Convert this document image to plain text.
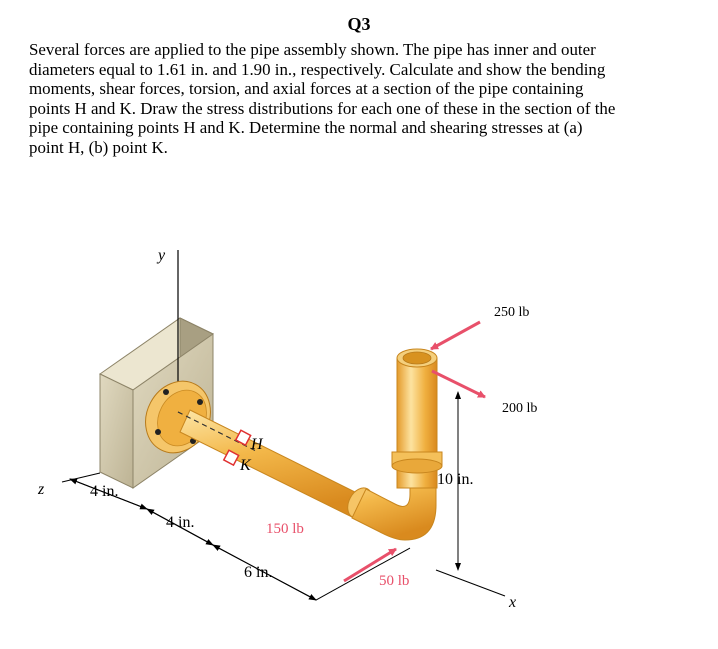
Q3
Several forces are applied to the pipe assembly shown. The pipe has inner and outer
diameters equal to 1.61 in. and 1.90 in., respectively. Calculate and show the bending
moments, shear forces, torsion, and axial forces at a section of the pipe containing
points H and K. Draw the stress distributions for each one of these in the section of the
pipe containing points H and K. Determine the normal and shearing stresses at (a)
point H, (b) point K.
y
H
K
z
x
250 lb
200 lb
150 lb
50 lb
4 in.
4 in.
6 in.
10 in.
